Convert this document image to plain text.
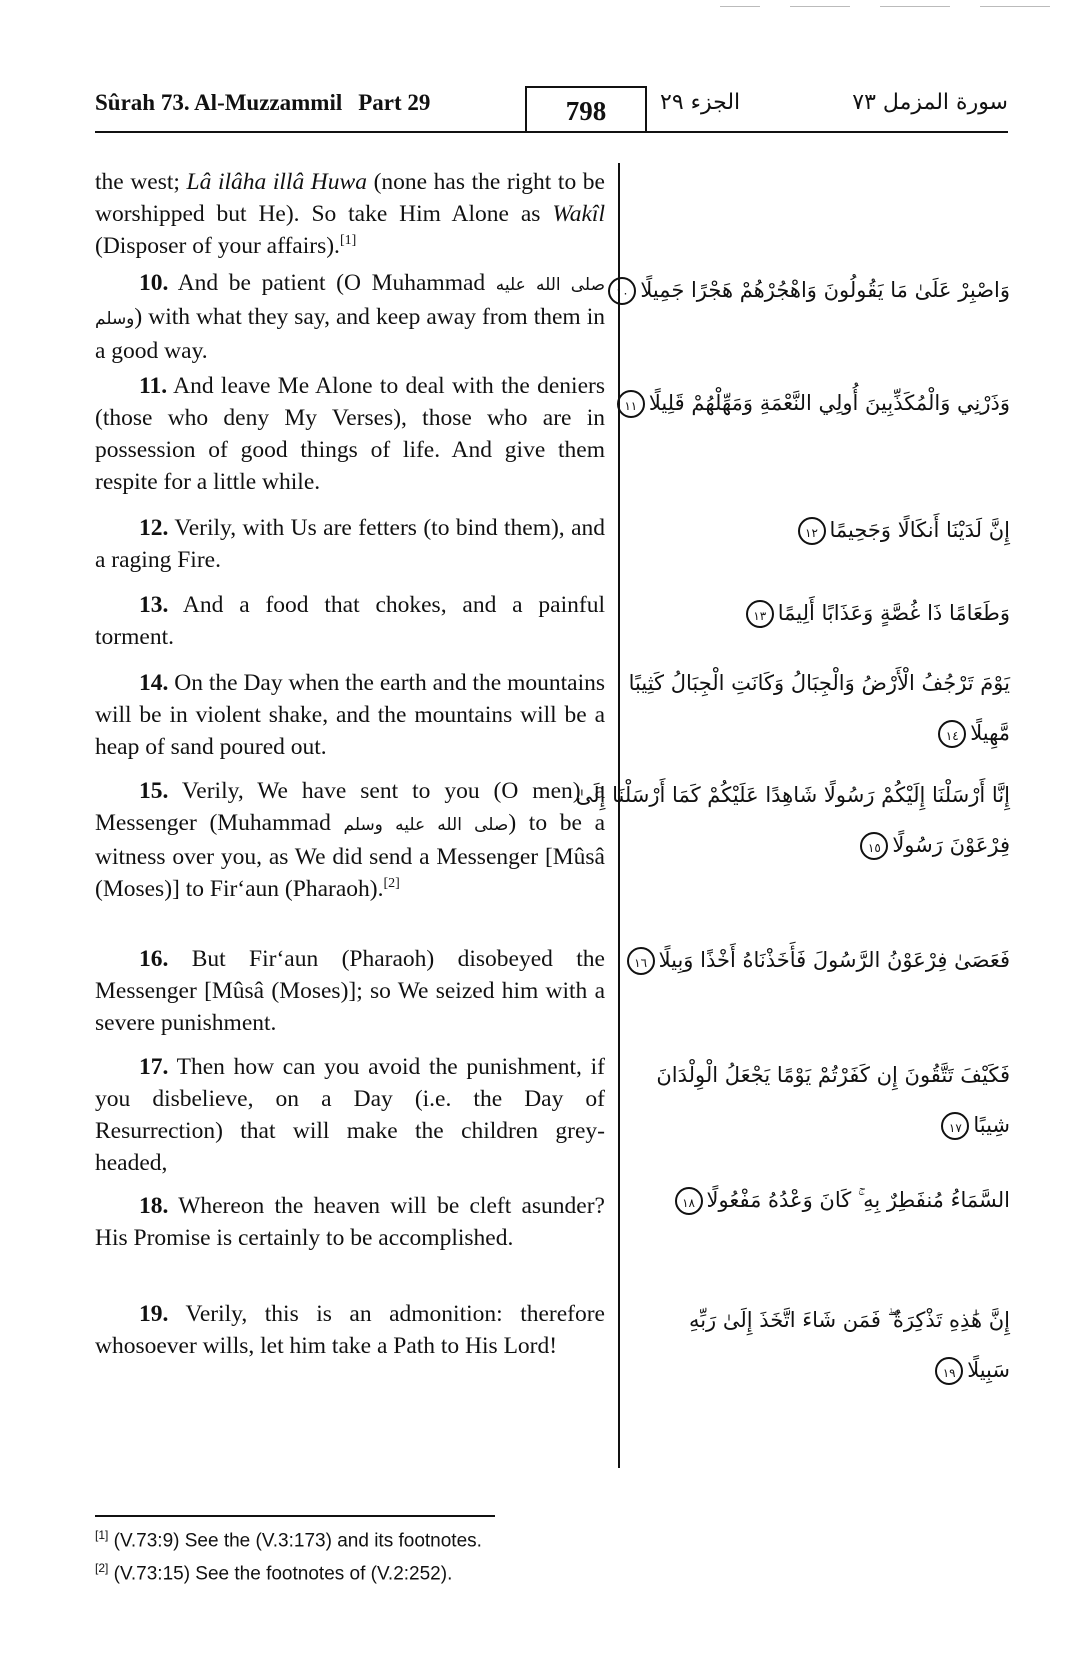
Sûrah 73. Al-Muzzammil Part 29	798	الجزء ٢٩	سورة المزمل ٧٣
the west; Lâ ilâha illâ Huwa (none has the right to be worshipped but He). So take Him Alone as Wakîl (Disposer of your affairs).[1]
10. And be patient (O Muhammad صلى الله عليه وسلم) with what they say, and keep away from them in a good way.
وَاصْبِرْ عَلَىٰ مَا يَقُولُونَ وَاهْجُرْهُمْ هَجْرًا جَمِيلًا١٠
11. And leave Me Alone to deal with the deniers (those who deny My Verses), those who are in possession of good things of life. And give them respite for a little while.
وَذَرْنِي وَالْمُكَذِّبِينَ أُولِي النَّعْمَةِ وَمَهِّلْهُمْ قَلِيلًا١١
12. Verily, with Us are fetters (to bind them), and a raging Fire.
إِنَّ لَدَيْنَا أَنكَالًا وَجَحِيمًا١٢
13. And a food that chokes, and a painful torment.
وَطَعَامًا ذَا غُصَّةٍ وَعَذَابًا أَلِيمًا١٣
14. On the Day when the earth and the mountains will be in violent shake, and the mountains will be a heap of sand poured out.
يَوْمَ تَرْجُفُ الْأَرْضُ وَالْجِبَالُ وَكَانَتِ الْجِبَالُ كَثِيبًا
مَّهِيلًا١٤
15. Verily, We have sent to you (O men) a Messenger (Muhammad صلى الله عليه وسلم) to be a witness over you, as We did send a Messenger [Mûsâ (Moses)] to Fir‘aun (Pharaoh).[2]
إِنَّا أَرْسَلْنَا إِلَيْكُمْ رَسُولًا شَاهِدًا عَلَيْكُمْ كَمَا أَرْسَلْنَا إِلَىٰ
فِرْعَوْنَ رَسُولًا١٥
16. But Fir‘aun (Pharaoh) disobeyed the Messenger [Mûsâ (Moses)]; so We seized him with a severe punishment.
فَعَصَىٰ فِرْعَوْنُ الرَّسُولَ فَأَخَذْنَاهُ أَخْذًا وَبِيلًا١٦
17. Then how can you avoid the punishment, if you disbelieve, on a Day (i.e. the Day of Resurrection) that will make the children grey-headed,
فَكَيْفَ تَتَّقُونَ إِن كَفَرْتُمْ يَوْمًا يَجْعَلُ الْوِلْدَانَ
شِيبًا١٧
18. Whereon the heaven will be cleft asunder? His Promise is certainly to be accomplished.
السَّمَاءُ مُنفَطِرٌ بِهِ ۚ كَانَ وَعْدُهُ مَفْعُولًا١٨
19. Verily, this is an admonition: therefore whosoever wills, let him take a Path to His Lord!
إِنَّ هَٰذِهِ تَذْكِرَةٌ ۖ فَمَن شَاءَ اتَّخَذَ إِلَىٰ رَبِّهِ
سَبِيلًا١٩
[1] (V.73:9) See the (V.3:173) and its footnotes.
[2] (V.73:15) See the footnotes of (V.2:252).
